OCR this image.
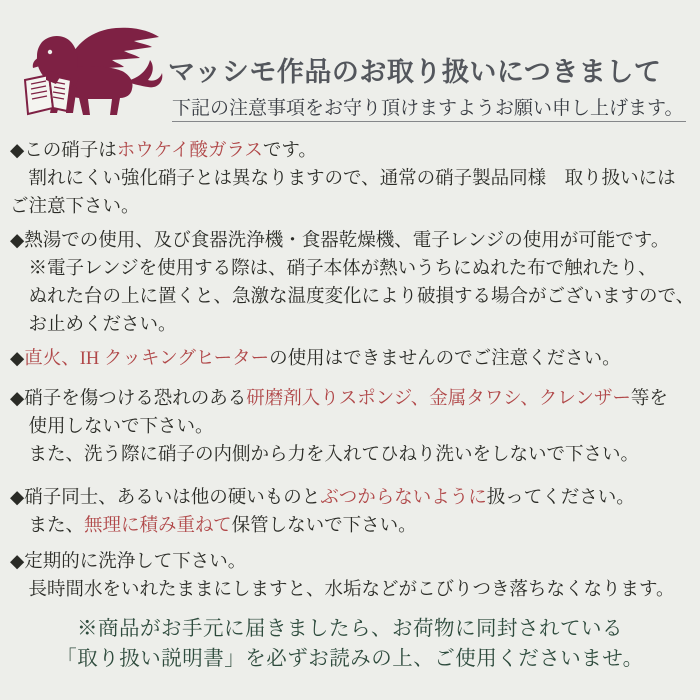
マッシモ作品のお取り扱いにつきまして

下記の注意事項をお守り頂けますようお願い申し上げます。

◆この硝子はホウケイ酸ガラスです。
割れにくい強化硝子とは異なりますので、通常の硝子製品同様　取り扱いには
ご注意下さい。
◆熱湯での使用、及び食器洗浄機・食器乾燥機、電子レンジの使用が可能です。
※電子レンジを使用する際は、硝子本体が熱いうちにぬれた布で触れたり、
ぬれた台の上に置くと、急激な温度変化により破損する場合がございますので、
お止めください。
◆直火、IH クッキングヒーターの使用はできませんのでご注意ください。
◆硝子を傷つける恐れのある研磨剤入りスポンジ、金属タワシ、クレンザー等を
使用しないで下さい。
また、洗う際に硝子の内側から力を入れてひねり洗いをしないで下さい。
◆硝子同士、あるいは他の硬いものとぶつからないように扱ってください。
また、無理に積み重ねて保管しないで下さい。
◆定期的に洗浄して下さい。
長時間水をいれたままにしますと、水垢などがこびりつき落ちなくなります。
※商品がお手元に届きましたら、お荷物に同封されている
「取り扱い説明書」を必ずお読みの上、ご使用くださいませ。
